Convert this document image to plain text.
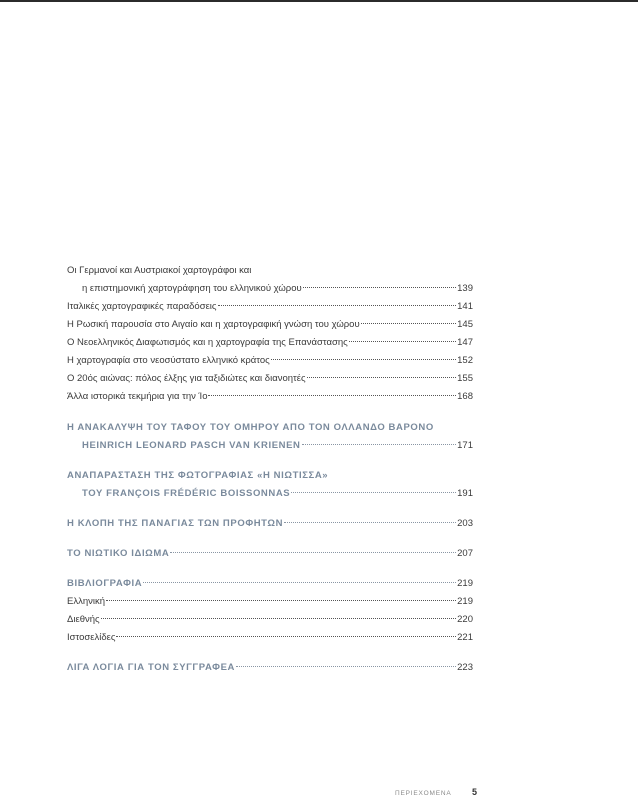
Οι Γερμανοί και Αυστριακοί χαρτογράφοι και
η επιστημονική χαρτογράφηση του ελληνικού χώρου	139
Ιταλικές χαρτογραφικές παραδόσεις	141
Η Ρωσική παρουσία στο Αιγαίο και η χαρτογραφική γνώση του χώρου	145
Ο Νεοελληνικός Διαφωτισμός και η χαρτογραφία της Επανάστασης	147
Η χαρτογραφία στο νεοσύστατο ελληνικό κράτος	152
Ο 20ός αιώνας: πόλος έλξης για ταξιδιώτες και διανοητές	155
Άλλα ιστορικά τεκμήρια για την Ίο	168
Η ΑΝΑΚΑΛΥΨΗ ΤΟΥ ΤΑΦΟΥ ΤΟΥ ΟΜΗΡΟΥ ΑΠΟ ΤΟΝ ΟΛΛΑΝΔΟ ΒΑΡΟΝΟ
HEINRICH LEONARD PASCH VAN KRIENEN	171
ΑΝΑΠΑΡΑΣΤΑΣΗ ΤΗΣ ΦΩΤΟΓΡΑΦΙΑΣ «Η ΝΙΩΤΙΣΣΑ»
ΤΟΥ FRANÇOIS FRÉDÉRIC BOISSONNAS	191
Η ΚΛΟΠΗ ΤΗΣ ΠΑΝΑΓΙΑΣ ΤΩΝ ΠΡΟΦΗΤΩΝ	203
ΤΟ ΝΙΩΤΙΚΟ ΙΔΙΩΜΑ	207
ΒΙΒΛΙΟΓΡΑΦΙΑ	219
Ελληνική	219
Διεθνής	220
Ιστοσελίδες	221
ΛΙΓΑ ΛΟΓΙΑ ΓΙΑ ΤΟΝ ΣΥΓΓΡΑΦΕΑ	223
ΠΕΡΙΕΧΟΜΕΝΑ 5
